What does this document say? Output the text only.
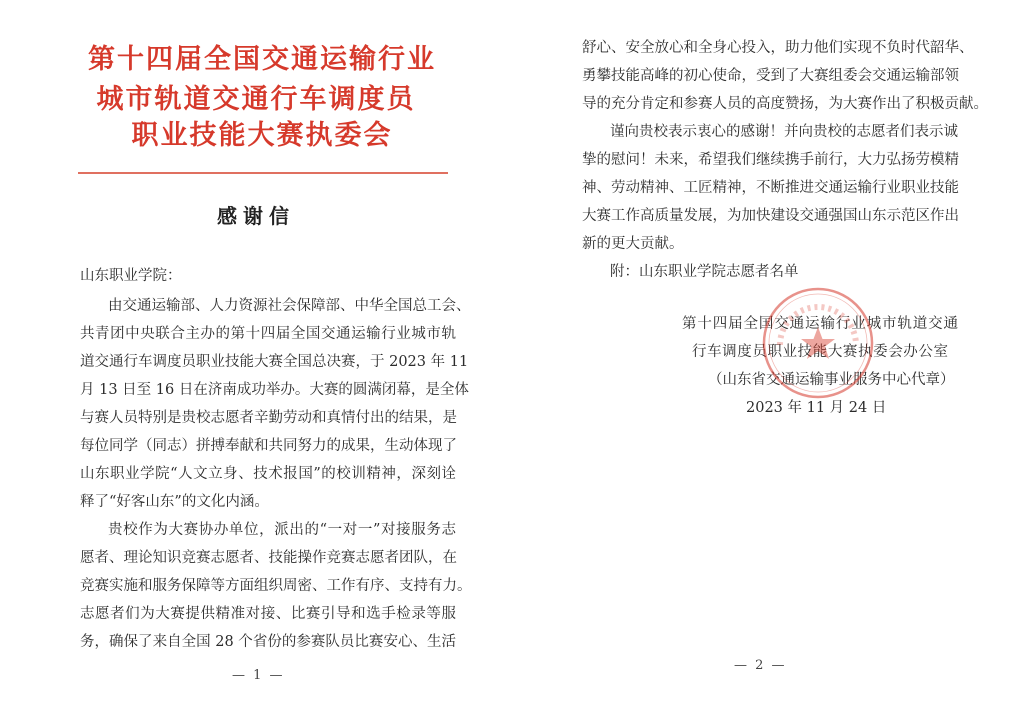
第十四届全国交通运输行业
城市轨道交通行车调度员
职业技能大赛执委会
感谢信
山东职业学院：
由交通运输部、人力资源社会保障部、中华全国总工会、
共青团中央联合主办的第十四届全国交通运输行业城市轨
道交通行车调度员职业技能大赛全国总决赛，于 2023 年 11
月 13 日至 16 日在济南成功举办。大赛的圆满闭幕，是全体
与赛人员特别是贵校志愿者辛勤劳动和真情付出的结果，是
每位同学（同志）拼搏奉献和共同努力的成果，生动体现了
山东职业学院“人文立身、技术报国”的校训精神，深刻诠
释了“好客山东”的文化内涵。
贵校作为大赛协办单位，派出的“一对一”对接服务志
愿者、理论知识竞赛志愿者、技能操作竞赛志愿者团队，在
竞赛实施和服务保障等方面组织周密、工作有序、支持有力。
志愿者们为大赛提供精准对接、比赛引导和选手检录等服
务，确保了来自全国 28 个省份的参赛队员比赛安心、生活
— 1 —
舒心、安全放心和全身心投入，助力他们实现不负时代韶华、
勇攀技能高峰的初心使命，受到了大赛组委会交通运输部领
导的充分肯定和参赛人员的高度赞扬，为大赛作出了积极贡献。
谨向贵校表示衷心的感谢！并向贵校的志愿者们表示诚
挚的慰问！未来，希望我们继续携手前行，大力弘扬劳模精
神、劳动精神、工匠精神，不断推进交通运输行业职业技能
大赛工作高质量发展，为加快建设交通强国山东示范区作出
新的更大贡献。
附：山东职业学院志愿者名单
第十四届全国交通运输行业城市轨道交通
行车调度员职业技能大赛执委会办公室
（山东省交通运输事业服务中心代章）
2023 年 11 月 24 日
— 2 —
